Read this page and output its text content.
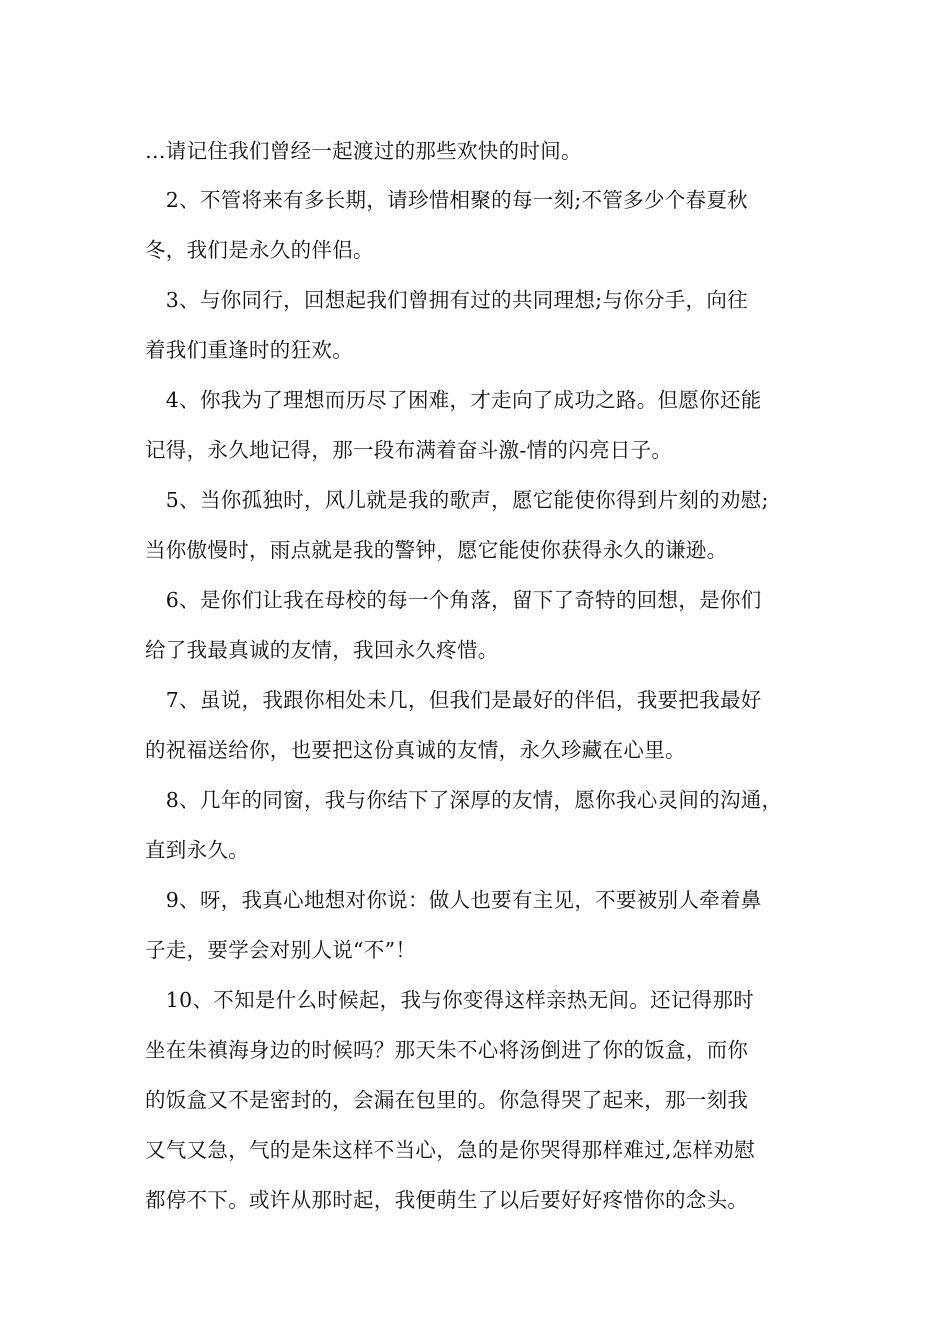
…请记住我们曾经一起渡过的那些欢快的时间。
　2、不管将来有多长期，请珍惜相聚的每一刻;不管多少个春夏秋
冬，我们是永久的伴侣。
　3、与你同行，回想起我们曾拥有过的共同理想;与你分手，向往
着我们重逢时的狂欢。
　4、你我为了理想而历尽了困难，才走向了成功之路。但愿你还能
记得，永久地记得，那一段布满着奋斗激-情的闪亮日子。
　5、当你孤独时，风儿就是我的歌声，愿它能使你得到片刻的劝慰;
当你傲慢时，雨点就是我的警钟，愿它能使你获得永久的谦逊。
　6、是你们让我在母校的每一个角落，留下了奇特的回想，是你们
给了我最真诚的友情，我回永久疼惜。
　7、虽说，我跟你相处未几，但我们是最好的伴侣，我要把我最好
的祝福送给你，也要把这份真诚的友情，永久珍藏在心里。
　8、几年的同窗，我与你结下了深厚的友情，愿你我心灵间的沟通，
直到永久。
　9、呀，我真心地想对你说：做人也要有主见，不要被别人牵着鼻
子走，要学会对别人说“不”！
　10、不知是什么时候起，我与你变得这样亲热无间。还记得那时
坐在朱禛海身边的时候吗？那天朱不心将汤倒进了你的饭盒，而你
的饭盒又不是密封的，会漏在包里的。你急得哭了起来，那一刻我
又气又急，气的是朱这样不当心，急的是你哭得那样难过,怎样劝慰
都停不下。或许从那时起，我便萌生了以后要好好疼惜你的念头。
